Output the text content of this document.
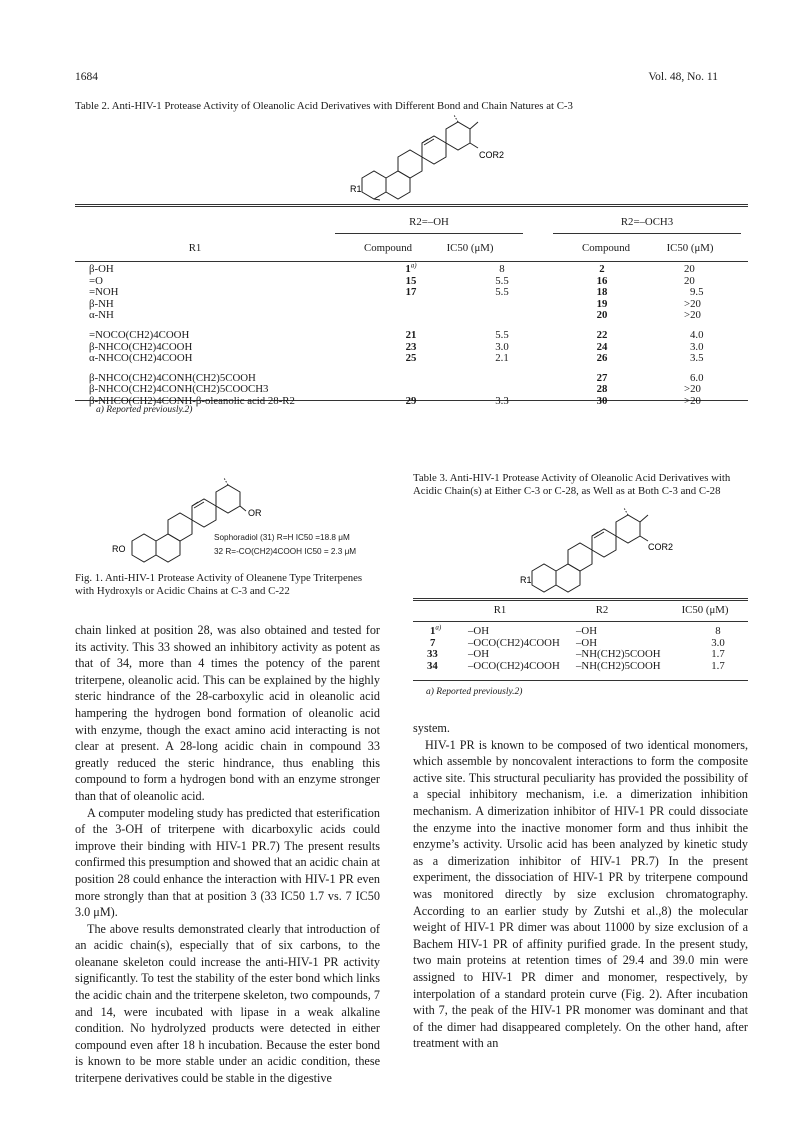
1684	Vol. 48, No. 11
Table 2. Anti-HIV-1 Protease Activity of Oleanolic Acid Derivatives with Different Bond and Chain Natures at C-3
COR2
R1
R2=–OH	R2=–OCH3
R1	Compound	IC50 (μM)	Compound	IC50 (μM)
β-OH	1$^{a)}$	8	2	20
=O	15	5.5	16	20
=NOH	17	5.5	18	9.5
β-NH			19	>20
α-NH			20	>20

=NOCO(CH2)4COOH	21	5.5	22	4.0
β-NHCO(CH2)4COOH	23	3.0	24	3.0
α-NHCO(CH2)4COOH	25	2.1	26	3.5

β-NHCO(CH2)4CONH(CH2)5COOH			27	6.0
β-NHCO(CH2)4CONH(CH2)5COOCH3			28	>20
β-NHCO(CH2)4CONH-β-oleanolic acid 28-R2	29	3.3	30	>20
a) Reported previously.2)
OR
RO
Sophoradiol (31) R=H IC50 =18.8 μM
32 R=-CO(CH2)4COOH IC50 = 2.3 μM
Fig. 1. Anti-HIV-1 Protease Activity of Oleanene Type Triterpenes with Hydroxyls or Acidic Chains at C-3 and C-22
Table 3. Anti-HIV-1 Protease Activity of Oleanolic Acid Derivatives with Acidic Chain(s) at Either C-3 or C-28, as Well as at Both C-3 and C-28
COR2
R1
R1	R2	IC50 (μM)
1$^{a)}$	–OH	–OH	8
7	–OCO(CH2)4COOH	–OH	3.0
33	–OH	–NH(CH2)5COOH	1.7
34	–OCO(CH2)4COOH	–NH(CH2)5COOH	1.7
a) Reported previously.2)

chain linked at position 28, was also obtained and tested for its activity. This 33 showed an inhibitory activity as potent as that of 34, more than 4 times the potency of the parent triterpene, oleanolic acid. This can be explained by the highly steric hindrance of the 28-carboxylic acid in oleanolic acid hampering the hydrogen bond formation of oleanolic acid with enzyme, though the exact amino acid interacting is not clear at present. A 28-long acidic chain in compound 33 greatly reduced the steric hindrance, thus enabling this compound to form a hydrogen bond with an enzyme stronger than that of oleanolic acid.

A computer modeling study has predicted that esterification of the 3-OH of triterpene with dicarboxylic acids could improve their binding with HIV-1 PR.7) The present results confirmed this presumption and showed that an acidic chain at position 28 could enhance the interaction with HIV-1 PR even more strongly than that at position 3 (33 IC50 1.7 vs. 7 IC50 3.0 μM).

The above results demonstrated clearly that introduction of an acidic chain(s), especially that of six carbons, to the oleanane skeleton could increase the anti-HIV-1 PR activity significantly. To test the stability of the ester bond which links the acidic chain and the triterpene skeleton, two compounds, 7 and 14, were incubated with lipase in a weak alkaline condition. No hydrolyzed products were detected in either compound even after 18 h incubation. Because the ester bond is known to be more stable under an acidic condition, these triterpene derivatives could be stable in the digestive

system.

HIV-1 PR is known to be composed of two identical monomers, which assemble by noncovalent interactions to form the composite active site. This structural peculiarity has provided the possibility of a special inhibitory mechanism, i.e. a dimerization inhibition mechanism. A dimerization inhibitor of HIV-1 PR could dissociate the enzyme into the inactive monomer form and thus inhibit the enzyme’s activity. Ursolic acid has been analyzed by kinetic study as a dimerization inhibitor of HIV-1 PR.7) In the present experiment, the dissociation of HIV-1 PR by triterpene compound was monitored directly by size exclusion chromatography. According to an earlier study by Zutshi et al.,8) the molecular weight of HIV-1 PR dimer was about 11000 by size exclusion of a Bachem HIV-1 PR of affinity purified grade. In the present study, two main proteins at retention times of 29.4 and 39.0 min were assigned to HIV-1 PR dimer and monomer, respectively, by interpolation of a standard protein curve (Fig. 2). After incubation with 7, the peak of the HIV-1 PR monomer was dominant and that of the dimer had disappeared completely. On the other hand, after treatment with an
